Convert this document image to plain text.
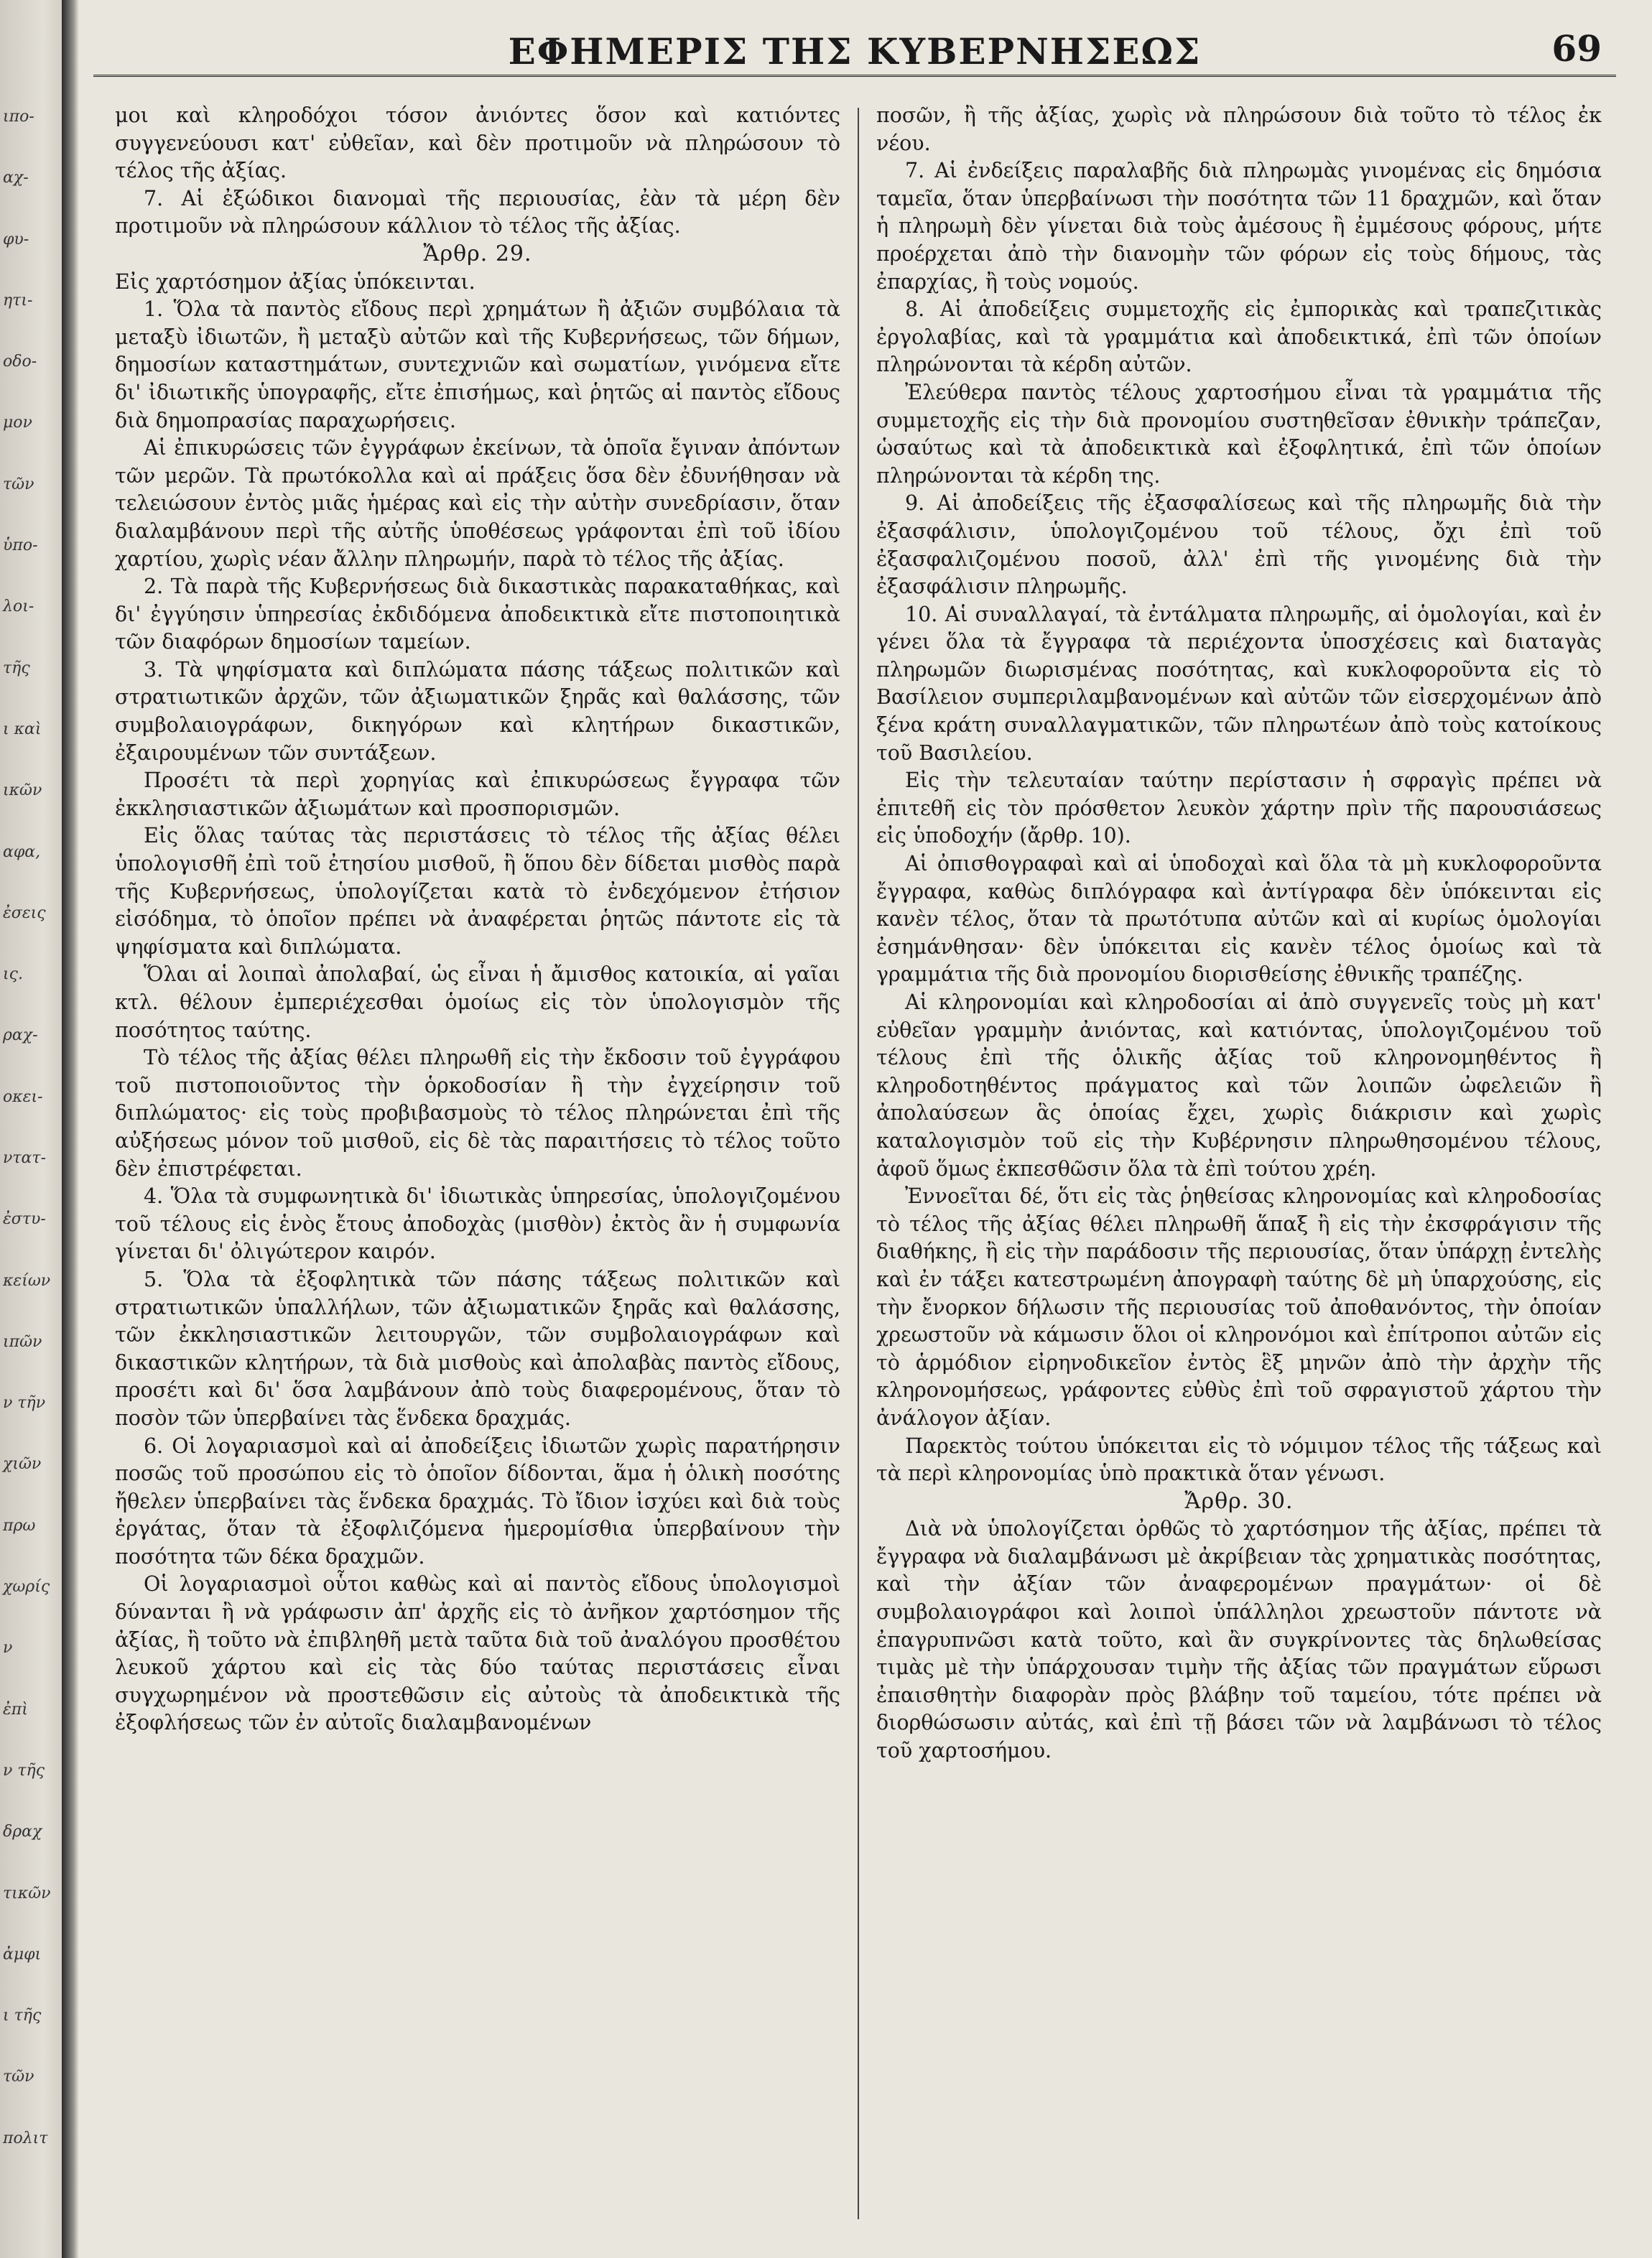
ιπο-
αχ-
φυ-
ητι-
οδο-
μον
τῶν
ὑπο-
λοι-
τῆς
ι καὶ
ικῶν
αφα,
ἐσεις
ις.
ραχ-
οκει-
ντατ-
ἐστυ-
κείων
ιπῶν
ν τῆν
χιῶν
πρω
χωρίς
ν
ἐπὶ
ν τῆς
δραχ
τικῶν
ἀμφι
ι τῆς
τῶν
πολιτ
ΕΦΗΜΕΡΙΣ ΤΗΣ ΚΥΒΕΡΝΗΣΕΩΣ	69

μοι καὶ κληροδόχοι τόσον ἀνιόντες ὅσον καὶ κατιόντες συγγενεύουσι κατ' εὐθεῖαν, καὶ δὲν προτιμοῦν νὰ πληρώσουν τὸ τέλος τῆς ἀξίας.

7. Αἱ ἐξώδικοι διανομαὶ τῆς περιουσίας, ἐὰν τὰ μέρη δὲν προτιμοῦν νὰ πληρώσουν κάλλιον τὸ τέλος τῆς ἀξίας.

Ἄρθρ. 29.

Εἰς χαρτόσημον ἀξίας ὑπόκεινται.

1. Ὅλα τὰ παντὸς εἴδους περὶ χρημάτων ἢ ἀξιῶν συμβόλαια τὰ μεταξὺ ἰδιωτῶν, ἢ μεταξὺ αὐτῶν καὶ τῆς Κυβερνήσεως, τῶν δήμων, δημοσίων καταστημάτων, συντεχνιῶν καὶ σωματίων, γινόμενα εἴτε δι' ἰδιωτικῆς ὑπογραφῆς, εἴτε ἐπισήμως, καὶ ῥητῶς αἱ παντὸς εἴδους διὰ δημοπρασίας παραχωρήσεις.

Αἱ ἐπικυρώσεις τῶν ἐγγράφων ἐκείνων, τὰ ὁποῖα ἔγιναν ἀπόντων τῶν μερῶν. Τὰ πρωτόκολλα καὶ αἱ πράξεις ὅσα δὲν ἐδυνήθησαν νὰ τελειώσουν ἐντὸς μιᾶς ἡμέρας καὶ εἰς τὴν αὐτὴν συνεδρίασιν, ὅταν διαλαμβάνουν περὶ τῆς αὐτῆς ὑποθέσεως γράφονται ἐπὶ τοῦ ἰδίου χαρτίου, χωρὶς νέαν ἄλλην πληρωμήν, παρὰ τὸ τέλος τῆς ἀξίας.

2. Τὰ παρὰ τῆς Κυβερνήσεως διὰ δικαστικὰς παρακαταθήκας, καὶ δι' ἐγγύησιν ὑπηρεσίας ἐκδιδόμενα ἀποδεικτικὰ εἴτε πιστοποιητικὰ τῶν διαφόρων δημοσίων ταμείων.

3. Τὰ ψηφίσματα καὶ διπλώματα πάσης τάξεως πολιτικῶν καὶ στρατιωτικῶν ἀρχῶν, τῶν ἀξιωματικῶν ξηρᾶς καὶ θαλάσσης, τῶν συμβολαιογράφων, δικηγόρων καὶ κλητήρων δικαστικῶν, ἐξαιρουμένων τῶν συντάξεων.

Προσέτι τὰ περὶ χορηγίας καὶ ἐπικυρώσεως ἔγγραφα τῶν ἐκκλησιαστικῶν ἀξιωμάτων καὶ προσπορισμῶν.

Εἰς ὅλας ταύτας τὰς περιστάσεις τὸ τέλος τῆς ἀξίας θέλει ὑπολογισθῆ ἐπὶ τοῦ ἐτησίου μισθοῦ, ἢ ὅπου δὲν δίδεται μισθὸς παρὰ τῆς Κυβερνήσεως, ὑπολογίζεται κατὰ τὸ ἐνδεχόμενον ἐτήσιον εἰσόδημα, τὸ ὁποῖον πρέπει νὰ ἀναφέρεται ῥητῶς πάντοτε εἰς τὰ ψηφίσματα καὶ διπλώματα.

Ὅλαι αἱ λοιπαὶ ἀπολαβαί, ὡς εἶναι ἡ ἄμισθος κατοικία, αἱ γαῖαι κτλ. θέλουν ἐμπεριέχεσθαι ὁμοίως εἰς τὸν ὑπολογισμὸν τῆς ποσότητος ταύτης.

Τὸ τέλος τῆς ἀξίας θέλει πληρωθῆ εἰς τὴν ἔκδοσιν τοῦ ἐγγράφου τοῦ πιστοποιοῦντος τὴν ὁρκοδοσίαν ἢ τὴν ἐγχείρησιν τοῦ διπλώματος· εἰς τοὺς προβιβασμοὺς τὸ τέλος πληρώνεται ἐπὶ τῆς αὐξήσεως μόνον τοῦ μισθοῦ, εἰς δὲ τὰς παραιτήσεις τὸ τέλος τοῦτο δὲν ἐπιστρέφεται.

4. Ὅλα τὰ συμφωνητικὰ δι' ἰδιωτικὰς ὑπηρεσίας, ὑπολογιζομένου τοῦ τέλους εἰς ἑνὸς ἔτους ἀποδοχὰς (μισθὸν) ἐκτὸς ἂν ἡ συμφωνία γίνεται δι' ὀλιγώτερον καιρόν.

5. Ὅλα τὰ ἐξοφλητικὰ τῶν πάσης τάξεως πολιτικῶν καὶ στρατιωτικῶν ὑπαλλήλων, τῶν ἀξιωματικῶν ξηρᾶς καὶ θαλάσσης, τῶν ἐκκλησιαστικῶν λειτουργῶν, τῶν συμβολαιογράφων καὶ δικαστικῶν κλητήρων, τὰ διὰ μισθοὺς καὶ ἀπολαβὰς παντὸς εἴδους, προσέτι καὶ δι' ὅσα λαμβάνουν ἀπὸ τοὺς διαφερομένους, ὅταν τὸ ποσὸν τῶν ὑπερβαίνει τὰς ἕνδεκα δραχμάς.

6. Οἱ λογαριασμοὶ καὶ αἱ ἀποδείξεις ἰδιωτῶν χωρὶς παρατήρησιν ποσῶς τοῦ προσώπου εἰς τὸ ὁποῖον δίδονται, ἅμα ἡ ὁλικὴ ποσότης ἤθελεν ὑπερβαίνει τὰς ἕνδεκα δραχμάς. Τὸ ἴδιον ἰσχύει καὶ διὰ τοὺς ἐργάτας, ὅταν τὰ ἐξοφλιζόμενα ἡμερομίσθια ὑπερβαίνουν τὴν ποσότητα τῶν δέκα δραχμῶν.

Οἱ λογαριασμοὶ οὗτοι καθὼς καὶ αἱ παντὸς εἴδους ὑπολογισμοὶ δύνανται ἢ νὰ γράφωσιν ἀπ' ἀρχῆς εἰς τὸ ἀνῆκον χαρτόσημον τῆς ἀξίας, ἢ τοῦτο νὰ ἐπιβληθῆ μετὰ ταῦτα διὰ τοῦ ἀναλόγου προσθέτου λευκοῦ χάρτου καὶ εἰς τὰς δύο ταύτας περιστάσεις εἶναι συγχωρημένον νὰ προστεθῶσιν εἰς αὐτοὺς τὰ ἀποδεικτικὰ τῆς ἐξοφλήσεως τῶν ἐν αὐτοῖς διαλαμβανομένων

ποσῶν, ἢ τῆς ἀξίας, χωρὶς νὰ πληρώσουν διὰ τοῦτο τὸ τέλος ἐκ νέου.

7. Αἱ ἐνδείξεις παραλαβῆς διὰ πληρωμὰς γινομένας εἰς δημόσια ταμεῖα, ὅταν ὑπερβαίνωσι τὴν ποσότητα τῶν 11 δραχμῶν, καὶ ὅταν ἡ πληρωμὴ δὲν γίνεται διὰ τοὺς ἀμέσους ἢ ἐμμέσους φόρους, μήτε προέρχεται ἀπὸ τὴν διανομὴν τῶν φόρων εἰς τοὺς δήμους, τὰς ἐπαρχίας, ἢ τοὺς νομούς.

8. Αἱ ἀποδείξεις συμμετοχῆς εἰς ἐμπορικὰς καὶ τραπεζιτικὰς ἐργολαβίας, καὶ τὰ γραμμάτια καὶ ἀποδεικτικά, ἐπὶ τῶν ὁποίων πληρώνονται τὰ κέρδη αὐτῶν.

Ἐλεύθερα παντὸς τέλους χαρτοσήμου εἶναι τὰ γραμμάτια τῆς συμμετοχῆς εἰς τὴν διὰ προνομίου συστηθεῖσαν ἐθνικὴν τράπεζαν, ὡσαύτως καὶ τὰ ἀποδεικτικὰ καὶ ἐξοφλητικά, ἐπὶ τῶν ὁποίων πληρώνονται τὰ κέρδη της.

9. Αἱ ἀποδείξεις τῆς ἐξασφαλίσεως καὶ τῆς πληρωμῆς διὰ τὴν ἐξασφάλισιν, ὑπολογιζομένου τοῦ τέλους, ὄχι ἐπὶ τοῦ ἐξασφαλιζομένου ποσοῦ, ἀλλ' ἐπὶ τῆς γινομένης διὰ τὴν ἐξασφάλισιν πληρωμῆς.

10. Αἱ συναλλαγαί, τὰ ἐντάλματα πληρωμῆς, αἱ ὁμολογίαι, καὶ ἐν γένει ὅλα τὰ ἔγγραφα τὰ περιέχοντα ὑποσχέσεις καὶ διαταγὰς πληρωμῶν διωρισμένας ποσότητας, καὶ κυκλοφοροῦντα εἰς τὸ Βασίλειον συμπεριλαμβανομένων καὶ αὐτῶν τῶν εἰσερχομένων ἀπὸ ξένα κράτη συναλλαγματικῶν, τῶν πληρωτέων ἀπὸ τοὺς κατοίκους τοῦ Βασιλείου.

Εἰς τὴν τελευταίαν ταύτην περίστασιν ἡ σφραγὶς πρέπει νὰ ἐπιτεθῆ εἰς τὸν πρόσθετον λευκὸν χάρτην πρὶν τῆς παρουσιάσεως εἰς ὑποδοχήν (ἄρθρ. 10).

Αἱ ὀπισθογραφαὶ καὶ αἱ ὑποδοχαὶ καὶ ὅλα τὰ μὴ κυκλοφοροῦντα ἔγγραφα, καθὼς διπλόγραφα καὶ ἀντίγραφα δὲν ὑπόκεινται εἰς κανὲν τέλος, ὅταν τὰ πρωτότυπα αὐτῶν καὶ αἱ κυρίως ὁμολογίαι ἐσημάνθησαν· δὲν ὑπόκειται εἰς κανὲν τέλος ὁμοίως καὶ τὰ γραμμάτια τῆς διὰ προνομίου διορισθείσης ἐθνικῆς τραπέζης.

Αἱ κληρονομίαι καὶ κληροδοσίαι αἱ ἀπὸ συγγενεῖς τοὺς μὴ κατ' εὐθεῖαν γραμμὴν ἀνιόντας, καὶ κατιόντας, ὑπολογιζομένου τοῦ τέλους ἐπὶ τῆς ὁλικῆς ἀξίας τοῦ κληρονομηθέντος ἢ κληροδοτηθέντος πράγματος καὶ τῶν λοιπῶν ὠφελειῶν ἢ ἀπολαύσεων ἃς ὁποίας ἔχει, χωρὶς διάκρισιν καὶ χωρὶς καταλογισμὸν τοῦ εἰς τὴν Κυβέρνησιν πληρωθησομένου τέλους, ἀφοῦ ὅμως ἐκπεσθῶσιν ὅλα τὰ ἐπὶ τούτου χρέη.

Ἐννοεῖται δέ, ὅτι εἰς τὰς ῥηθείσας κληρονομίας καὶ κληροδοσίας τὸ τέλος τῆς ἀξίας θέλει πληρωθῆ ἅπαξ ἢ εἰς τὴν ἐκσφράγισιν τῆς διαθήκης, ἢ εἰς τὴν παράδοσιν τῆς περιουσίας, ὅταν ὑπάρχῃ ἐντελὴς καὶ ἐν τάξει κατεστρωμένη ἀπογραφὴ ταύτης δὲ μὴ ὑπαρχούσης, εἰς τὴν ἔνορκον δήλωσιν τῆς περιουσίας τοῦ ἀποθανόντος, τὴν ὁποίαν χρεωστοῦν νὰ κάμωσιν ὅλοι οἱ κληρονόμοι καὶ ἐπίτροποι αὐτῶν εἰς τὸ ἁρμόδιον εἰρηνοδικεῖον ἐντὸς ἓξ μηνῶν ἀπὸ τὴν ἀρχὴν τῆς κληρονομήσεως, γράφοντες εὐθὺς ἐπὶ τοῦ σφραγιστοῦ χάρτου τὴν ἀνάλογον ἀξίαν.

Παρεκτὸς τούτου ὑπόκειται εἰς τὸ νόμιμον τέλος τῆς τάξεως καὶ τὰ περὶ κληρονομίας ὑπὸ πρακτικὰ ὅταν γένωσι.

Ἄρθρ. 30.

Διὰ νὰ ὑπολογίζεται ὀρθῶς τὸ χαρτόσημον τῆς ἀξίας, πρέπει τὰ ἔγγραφα νὰ διαλαμβάνωσι μὲ ἀκρίβειαν τὰς χρηματικὰς ποσότητας, καὶ τὴν ἀξίαν τῶν ἀναφερομένων πραγμάτων· οἱ δὲ συμβολαιογράφοι καὶ λοιποὶ ὑπάλληλοι χρεωστοῦν πάντοτε νὰ ἐπαγρυπνῶσι κατὰ τοῦτο, καὶ ἂν συγκρίνοντες τὰς δηλωθείσας τιμὰς μὲ τὴν ὑπάρχουσαν τιμὴν τῆς ἀξίας τῶν πραγμάτων εὕρωσι ἐπαισθητὴν διαφορὰν πρὸς βλάβην τοῦ ταμείου, τότε πρέπει νὰ διορθώσωσιν αὐτάς, καὶ ἐπὶ τῇ βάσει τῶν νὰ λαμβάνωσι τὸ τέλος τοῦ χαρτοσήμου.
